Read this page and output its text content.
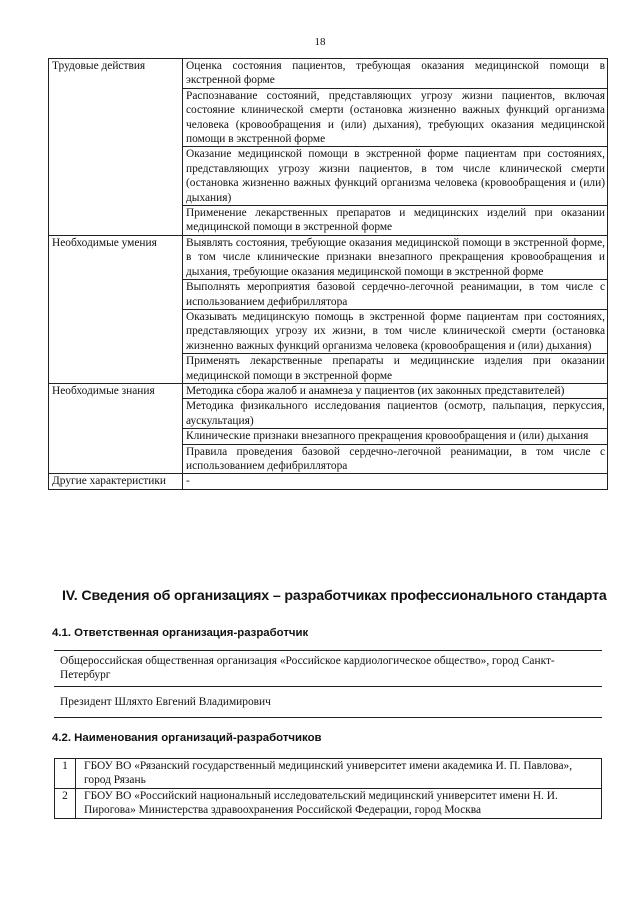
18
Трудовые действия	Оценка состояния пациентов, требующая оказания медицинской помощи в экстренной форме
	Распознавание состояний, представляющих угрозу жизни пациентов, включая состояние клинической смерти (остановка жизненно важных функций организма человека (кровообращения и (или) дыхания), требующих оказания медицинской помощи в экстренной форме
	Оказание медицинской помощи в экстренной форме пациентам при состояниях, представляющих угрозу жизни пациентов, в том числе клинической смерти (остановка жизненно важных функций организма человека (кровообращения и (или) дыхания)
	Применение лекарственных препаратов и медицинских изделий при оказании медицинской помощи в экстренной форме
Необходимые умения	Выявлять состояния, требующие оказания медицинской помощи в экстренной форме, в том числе клинические признаки внезапного прекращения кровообращения и дыхания, требующие оказания медицинской помощи в экстренной форме
	Выполнять мероприятия базовой сердечно-легочной реанимации, в том числе с использованием дефибриллятора
	Оказывать медицинскую помощь в экстренной форме пациентам при состояниях, представляющих угрозу их жизни, в том числе клинической смерти (остановка жизненно важных функций организма человека (кровообращения и (или) дыхания)
	Применять лекарственные препараты и медицинские изделия при оказании медицинской помощи в экстренной форме
Необходимые знания	Методика сбора жалоб и анамнеза у пациентов (их законных представителей)
	Методика физикального исследования пациентов (осмотр, пальпация, перкуссия, аускультация)
	Клинические признаки внезапного прекращения кровообращения и (или) дыхания
	Правила проведения базовой сердечно-легочной реанимации, в том числе с использованием дефибриллятора
Другие характеристики	-
IV. Сведения об организациях – разработчиках профессионального стандарта
4.1. Ответственная организация-разработчик
Общероссийская общественная организация «Российское кардиологическое общество», город Санкт-Петербург
Президент Шляхто Евгений Владимирович
4.2. Наименования организаций-разработчиков
1	ГБОУ ВО «Рязанский государственный медицинский университет имени академика И. П. Павлова», город Рязань
2	ГБОУ ВО «Российский национальный исследовательский медицинский университет имени Н. И. Пирогова» Министерства здравоохранения Российской Федерации, город Москва
